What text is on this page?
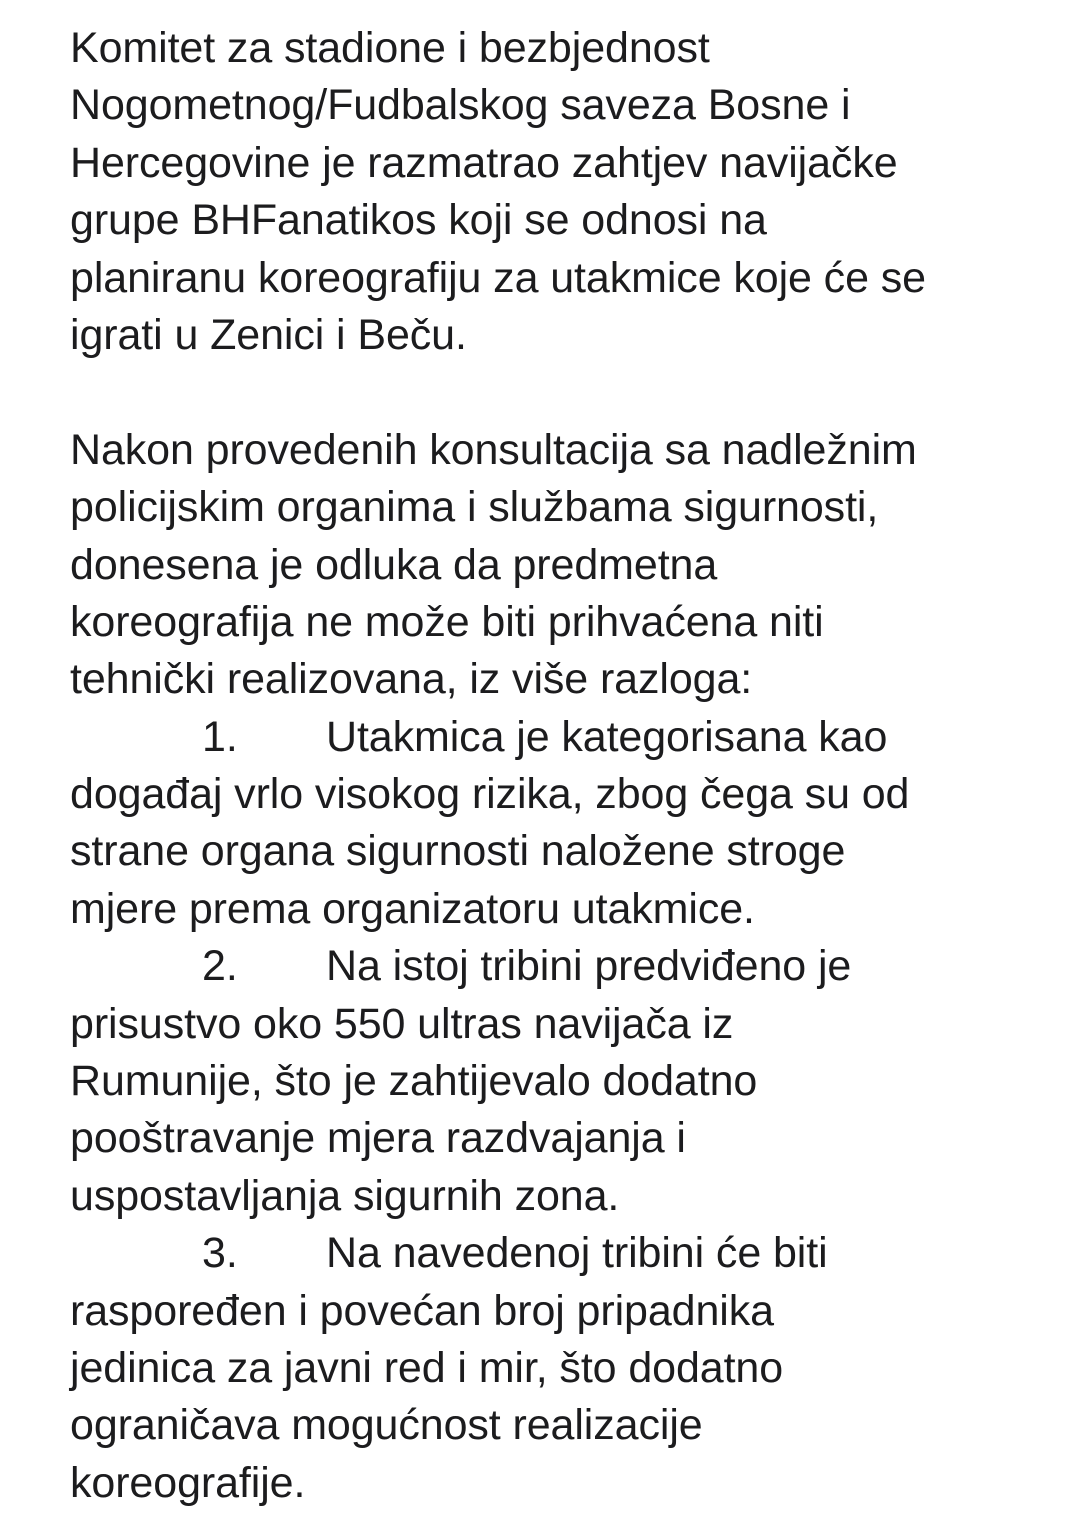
Komitet za stadione i bezbjednost
Nogometnog/Fudbalskog saveza Bosne i
Hercegovine je razmatrao zahtjev navijačke
grupe BHFanatikos koji se odnosi na
planiranu koreografiju za utakmice koje će se
igrati u Zenici i Beču.
Nakon provedenih konsultacija sa nadležnim
policijskim organima i službama sigurnosti,
donesena je odluka da predmetna
koreografija ne može biti prihvaćena niti
tehnički realizovana, iz više razloga:
1. Utakmica je kategorisana kao
događaj vrlo visokog rizika, zbog čega su od
strane organa sigurnosti naložene stroge
mjere prema organizatoru utakmice.
2. Na istoj tribini predviđeno je
prisustvo oko 550 ultras navijača iz
Rumunije, što je zahtijevalo dodatno
pooštravanje mjera razdvajanja i
uspostavljanja sigurnih zona.
3. Na navedenoj tribini će biti
raspoređen i povećan broj pripadnika
jedinica za javni red i mir, što dodatno
ograničava mogućnost realizacije
koreografije.
